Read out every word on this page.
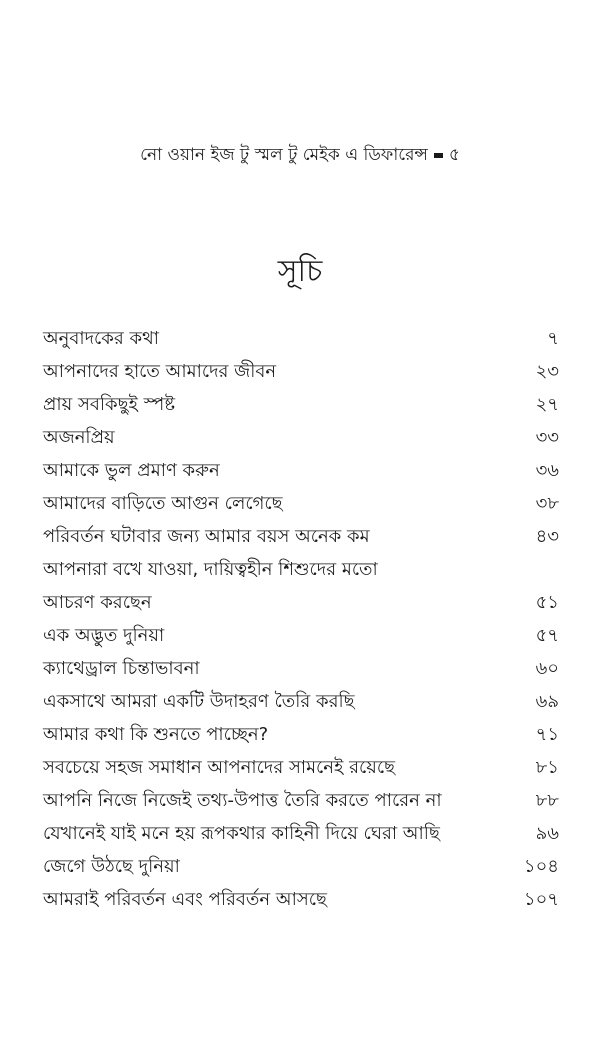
নো ওয়ান ইজ টু স্মল টু মেইক এ ডিফারেন্স ৫
সূচি
অনুবাদকের কথা	৭
আপনাদের হাতে আমাদের জীবন	২৩
প্রায় সবকিছুই স্পষ্ট	২৭
অজনপ্রিয়	৩৩
আমাকে ভুল প্রমাণ করুন	৩৬
আমাদের বাড়িতে আগুন লেগেছে	৩৮
পরিবর্তন ঘটাবার জন্য আমার বয়স অনেক কম	৪৩
আপনারা বখে যাওয়া, দায়িত্বহীন শিশুদের মতো
আচরণ করছেন	৫১
এক অদ্ভুত দুনিয়া	৫৭
ক্যাথেড্রাল চিন্তাভাবনা	৬০
একসাথে আমরা একটি উদাহরণ তৈরি করছি	৬৯
আমার কথা কি শুনতে পাচ্ছেন?	৭১
সবচেয়ে সহজ সমাধান আপনাদের সামনেই রয়েছে	৮১
আপনি নিজে নিজেই তথ্য-উপাত্ত তৈরি করতে পারেন না	৮৮
যেখানেই যাই মনে হয় রূপকথার কাহিনী দিয়ে ঘেরা আছি	৯৬
জেগে উঠছে দুনিয়া	১০৪
আমরাই পরিবর্তন এবং পরিবর্তন আসছে	১০৭
